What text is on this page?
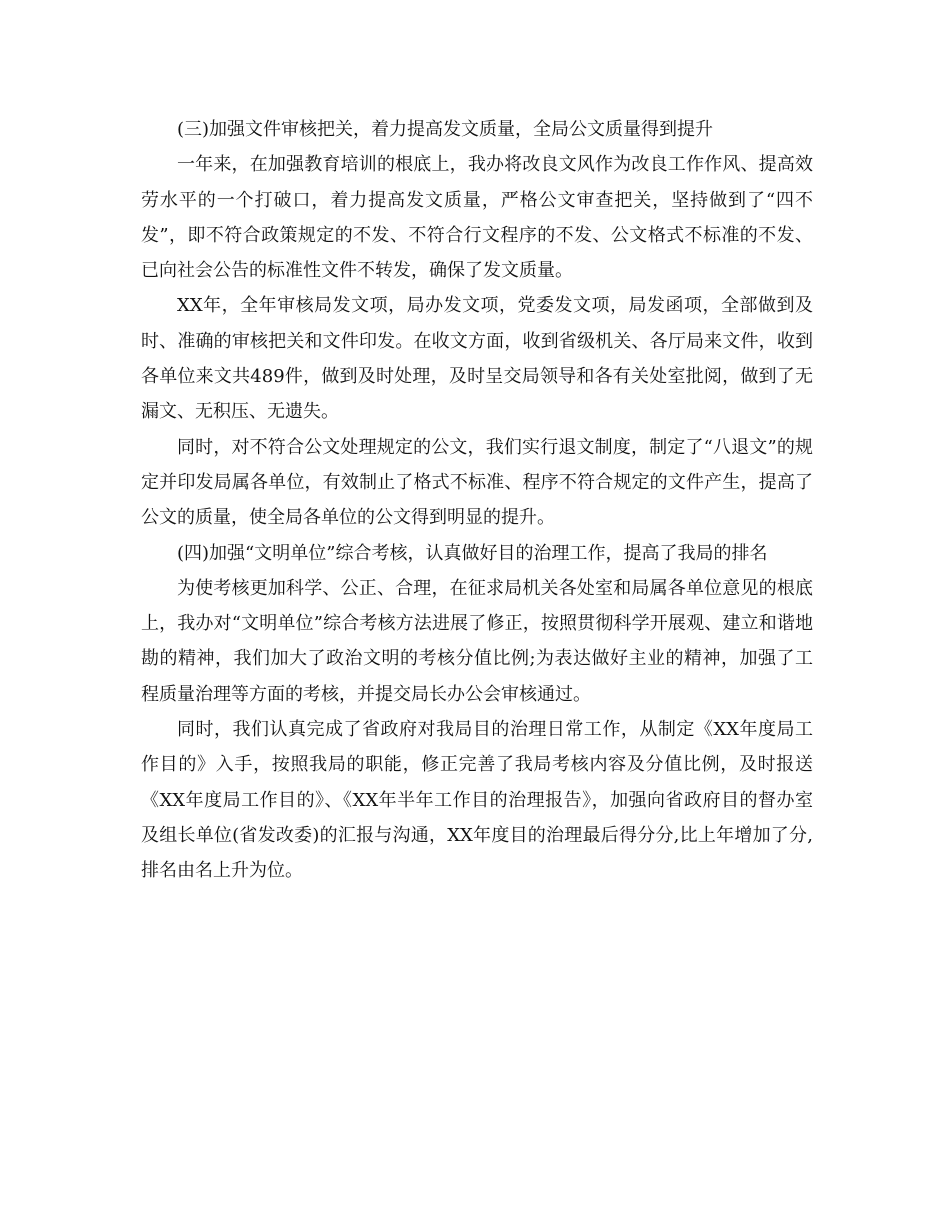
(三)加强文件审核把关，着力提高发文质量，全局公文质量得到提升

一年来，在加强教育培训的根底上，我办将改良文风作为改良工作作风、提高效劳水平的一个打破口，着力提高发文质量，严格公文审查把关，坚持做到了“四不发”，即不符合政策规定的不发、不符合行文程序的不发、公文格式不标准的不发、已向社会公告的标准性文件不转发，确保了发文质量。

XX年，全年审核局发文项，局办发文项，党委发文项，局发函项，全部做到及时、准确的审核把关和文件印发。在收文方面，收到省级机关、各厅局来文件，收到各单位来文共489件，做到及时处理，及时呈交局领导和各有关处室批阅，做到了无漏文、无积压、无遗失。

同时，对不符合公文处理规定的公文，我们实行退文制度，制定了“八退文”的规定并印发局属各单位，有效制止了格式不标准、程序不符合规定的文件产生，提高了公文的质量，使全局各单位的公文得到明显的提升。

(四)加强“文明单位”综合考核，认真做好目的治理工作，提高了我局的排名

为使考核更加科学、公正、合理，在征求局机关各处室和局属各单位意见的根底上，我办对“文明单位”综合考核方法进展了修正，按照贯彻科学开展观、建立和谐地勘的精神，我们加大了政治文明的考核分值比例;为表达做好主业的精神，加强了工程质量治理等方面的考核，并提交局长办公会审核通过。

同时，我们认真完成了省政府对我局目的治理日常工作，从制定《XX年度局工作目的》入手，按照我局的职能，修正完善了我局考核内容及分值比例，及时报送《XX年度局工作目的》、《XX年半年工作目的治理报告》，加强向省政府目的督办室及组长单位(省发改委)的汇报与沟通，XX年度目的治理最后得分分,比上年增加了分,排名由名上升为位。
